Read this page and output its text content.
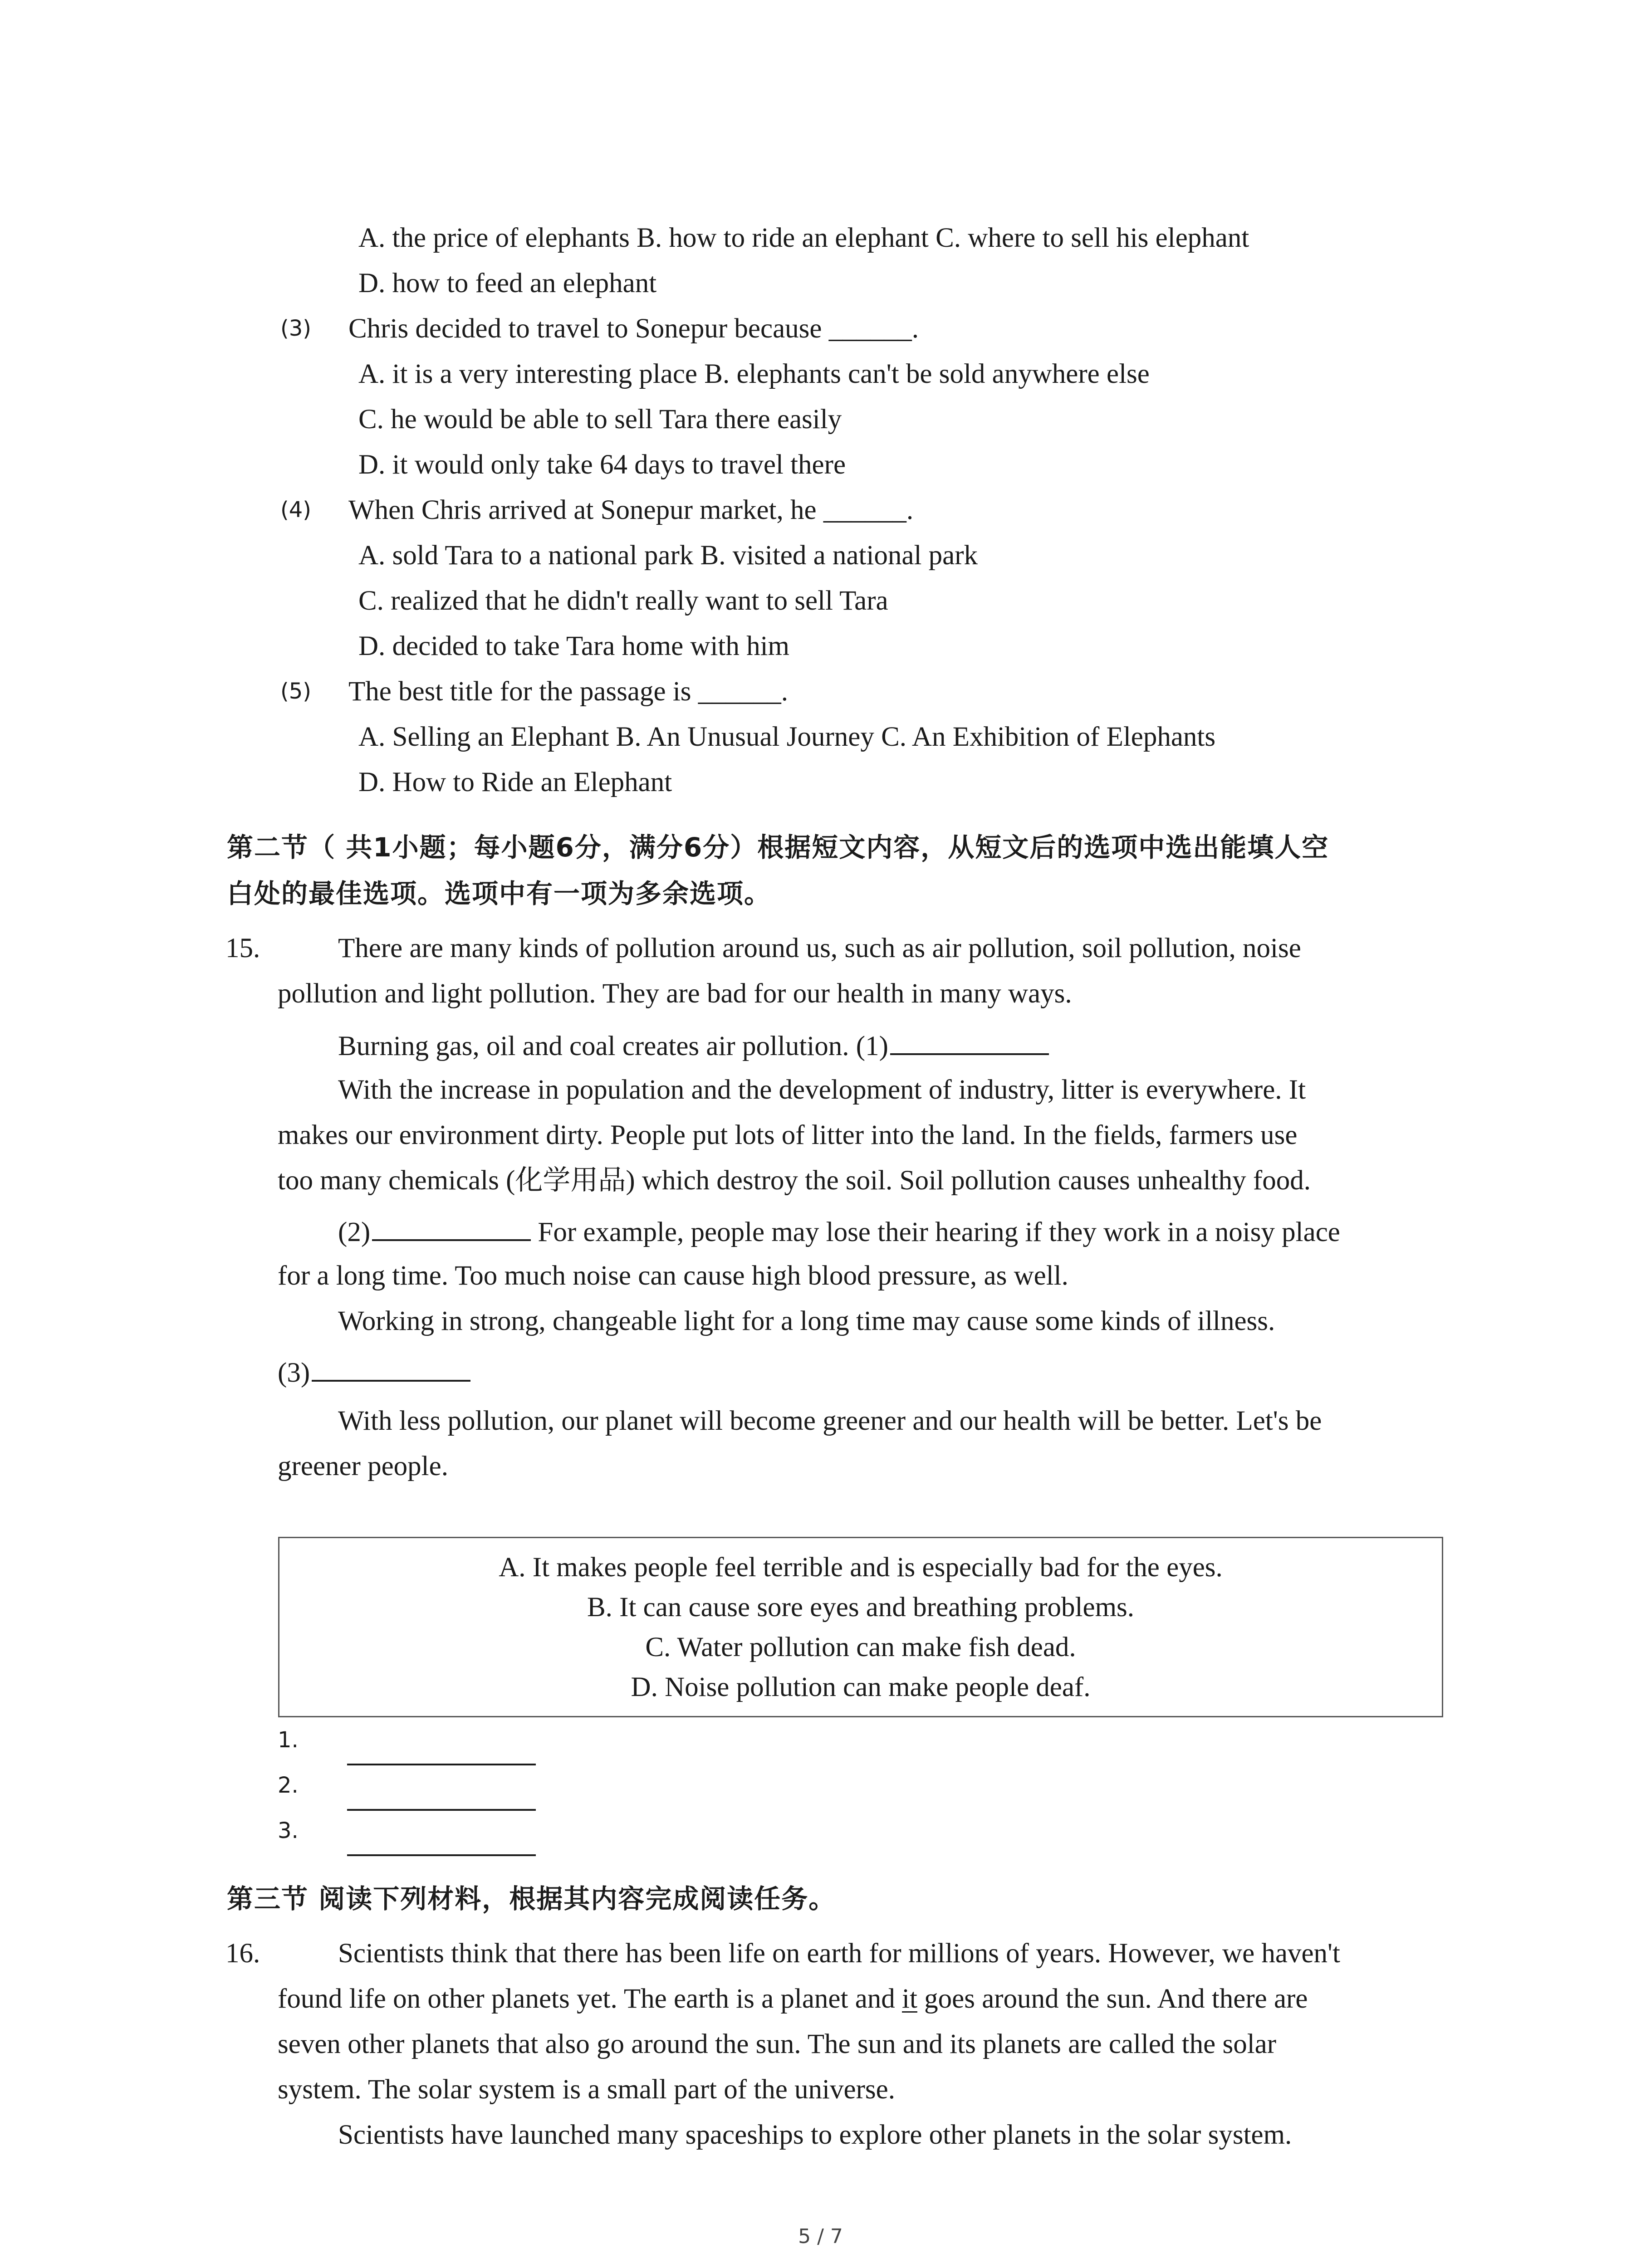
A. the price of elephants B. how to ride an elephant C. where to sell his elephant
D. how to feed an elephant
(3) Chris decided to travel to Sonepur because ______.
A. it is a very interesting place B. elephants can't be sold anywhere else
C. he would be able to sell Tara there easily
D. it would only take 64 days to travel there
(4) When Chris arrived at Sonepur market, he ______.
A. sold Tara to a national park B. visited a national park
C. realized that he didn't really want to sell Tara
D. decided to take Tara home with him
(5) The best title for the passage is ______.
A. Selling an Elephant B. An Unusual Journey C. An Exhibition of Elephants
D. How to Ride an Elephant
第二节（ 共1小题；每小题6分，满分6分）根据短文内容，从短文后的选项中选出能填人空
白处的最佳选项。选项中有一项为多余选项。
15.	There are many kinds of pollution around us, such as air pollution, soil pollution, noise
pollution and light pollution. They are bad for our health in many ways.
Burning gas, oil and coal creates air pollution. (1)
With the increase in population and the development of industry, litter is everywhere. It
makes our environment dirty. People put lots of litter into the land. In the fields, farmers use
too many chemicals (化学用品) which destroy the soil. Soil pollution causes unhealthy food.
(2)	For example, people may lose their hearing if they work in a noisy place
for a long time. Too much noise can cause high blood pressure, as well.
Working in strong, changeable light for a long time may cause some kinds of illness.
(3)
With less pollution, our planet will become greener and our health will be better. Let's be
greener people.
A. It makes people feel terrible and is especially bad for the eyes.
B. It can cause sore eyes and breathing problems.
C. Water pollution can make fish dead.
D. Noise pollution can make people deaf.
1.
2.
3.
第三节 阅读下列材料，根据其内容完成阅读任务。
16.	Scientists think that there has been life on earth for millions of years. However, we haven't
found life on other planets yet. The earth is a planet and it goes around the sun. And there are
seven other planets that also go around the sun. The sun and its planets are called the solar
system. The solar system is a small part of the universe.
Scientists have launched many spaceships to explore other planets in the solar system.
5 / 7
